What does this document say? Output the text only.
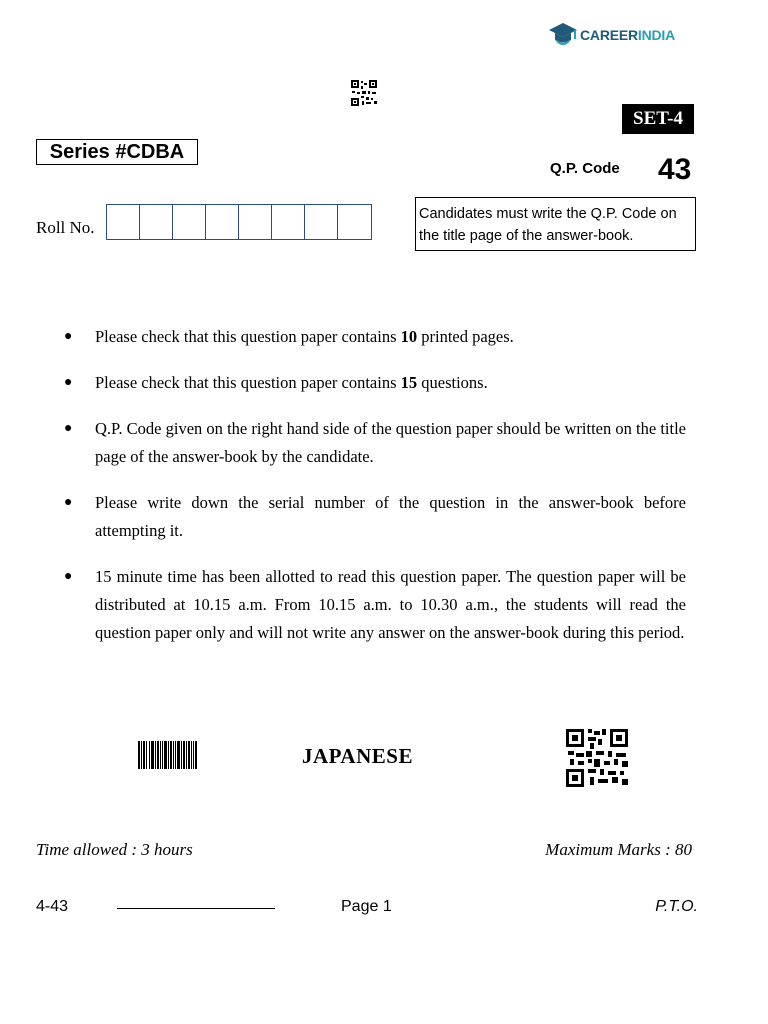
CAREERINDIA
SET-4
Series #CDBA
Q.P. Code 43
Roll No.
Candidates must write the Q.P. Code on
the title page of the answer-book.
● Please check that this question paper contains 10 printed pages.
● Please check that this question paper contains 15 questions.
● Q.P. Code given on the right hand side of the question paper should be written on the title page of the answer-book by the candidate.
● Please write down the serial number of the question in the answer-book before attempting it.
● 15 minute time has been allotted to read this question paper. The question paper will be distributed at 10.15 a.m. From 10.15 a.m. to 10.30 a.m., the students will read the question paper only and will not write any answer on the answer-book during this period.
JAPANESE
Time allowed : 3 hours	Maximum Marks : 80
4-43	Page 1	P.T.O.
